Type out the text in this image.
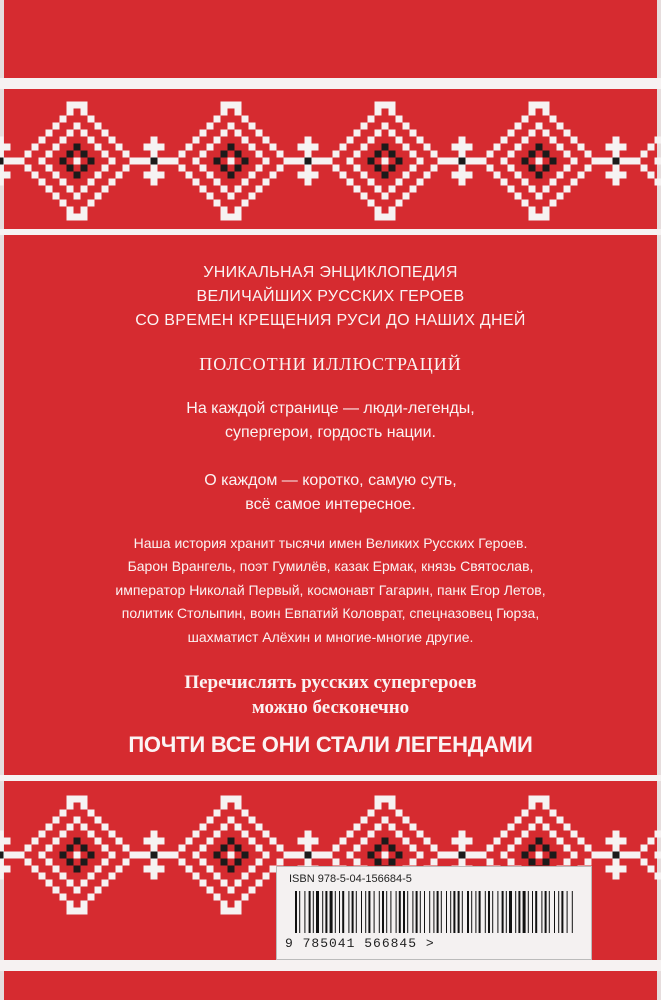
УНИКАЛЬНАЯ ЭНЦИКЛОПЕДИЯ
ВЕЛИЧАЙШИХ РУССКИХ ГЕРОЕВ
СО ВРЕМЕН КРЕЩЕНИЯ РУСИ ДО НАШИХ ДНЕЙ
ПОЛСОТНИ ИЛЛЮСТРАЦИЙ
На каждой странице — люди-легенды,
супергерои, гордость нации.
О каждом — коротко, самую суть,
всё самое интересное.
Наша история хранит тысячи имен Великих Русских Героев.
Барон Врангель, поэт Гумилёв, казак Ермак, князь Святослав,
император Николай Первый, космонавт Гагарин, панк Егор Летов,
политик Столыпин, воин Евпатий Коловрат, спецназовец Гюрза,
шахматист Алёхин и многие-многие другие.
Перечислять русских супергероев
можно бесконечно
ПОЧТИ ВСЕ ОНИ СТАЛИ ЛЕГЕНДАМИ
ISBN 978-5-04-156684-5
9 785041 566845 >
